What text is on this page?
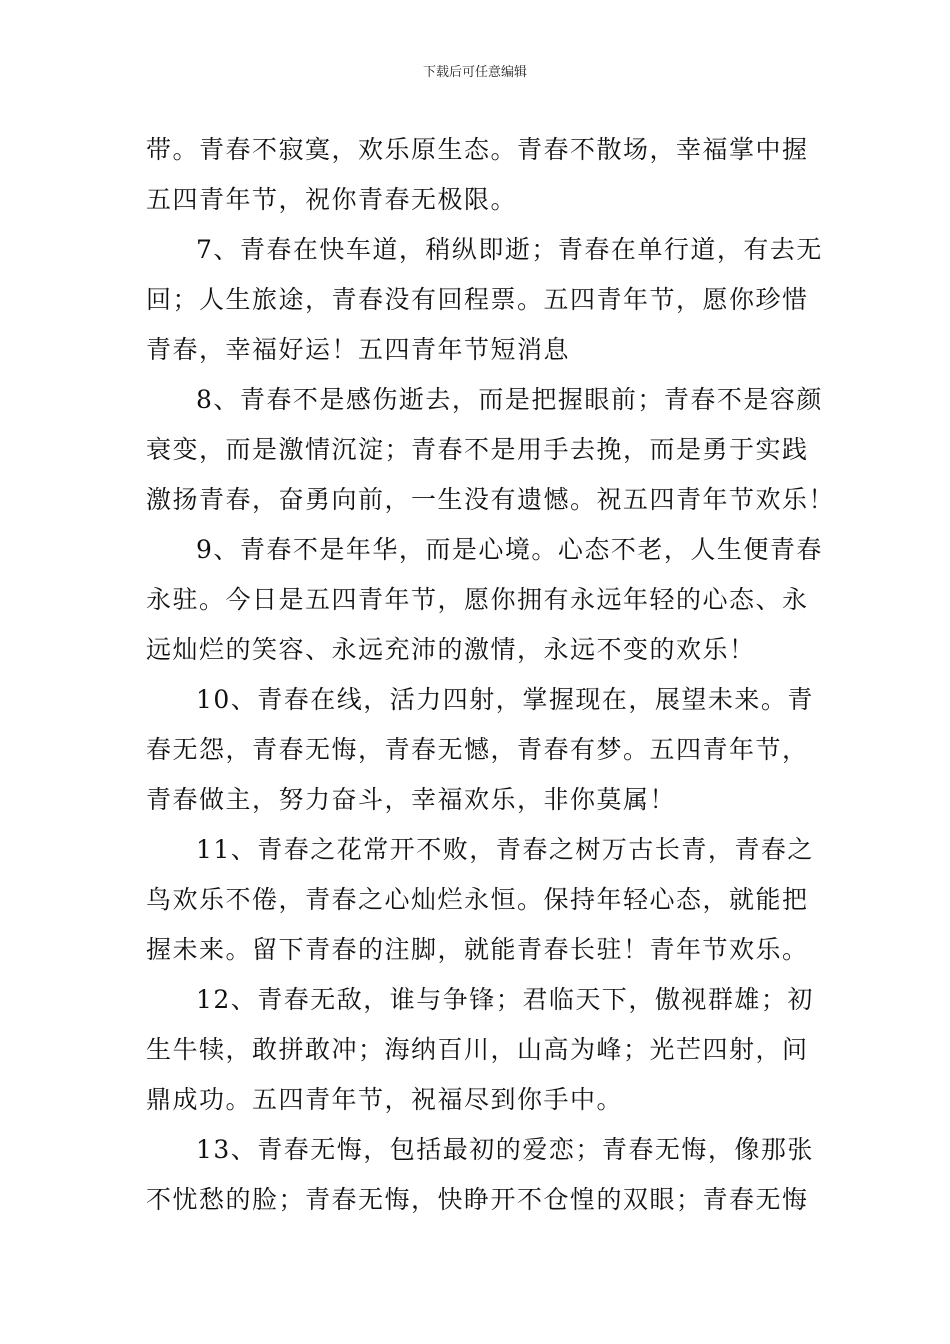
下载后可任意编辑
带。青春不寂寞，欢乐原生态。青春不散场，幸福掌中握
五四青年节，祝你青春无极限。
7、青春在快车道，稍纵即逝；青春在单行道，有去无
回；人生旅途，青春没有回程票。五四青年节，愿你珍惜
青春，幸福好运！五四青年节短消息
8、青春不是感伤逝去，而是把握眼前；青春不是容颜
衰变，而是激情沉淀；青春不是用手去挽，而是勇于实践
激扬青春，奋勇向前，一生没有遗憾。祝五四青年节欢乐！
9、青春不是年华，而是心境。心态不老，人生便青春
永驻。今日是五四青年节，愿你拥有永远年轻的心态、永
远灿烂的笑容、永远充沛的激情，永远不变的欢乐！
10、青春在线，活力四射，掌握现在，展望未来。青
春无怨，青春无悔，青春无憾，青春有梦。五四青年节，
青春做主，努力奋斗，幸福欢乐，非你莫属！
11、青春之花常开不败，青春之树万古长青，青春之
鸟欢乐不倦，青春之心灿烂永恒。保持年轻心态，就能把
握未来。留下青春的注脚，就能青春长驻！青年节欢乐。
12、青春无敌，谁与争锋；君临天下，傲视群雄；初
生牛犊，敢拼敢冲；海纳百川，山高为峰；光芒四射，问
鼎成功。五四青年节，祝福尽到你手中。
13、青春无悔，包括最初的爱恋；青春无悔，像那张
不忧愁的脸；青春无悔，快睁开不仓惶的双眼；青春无悔
